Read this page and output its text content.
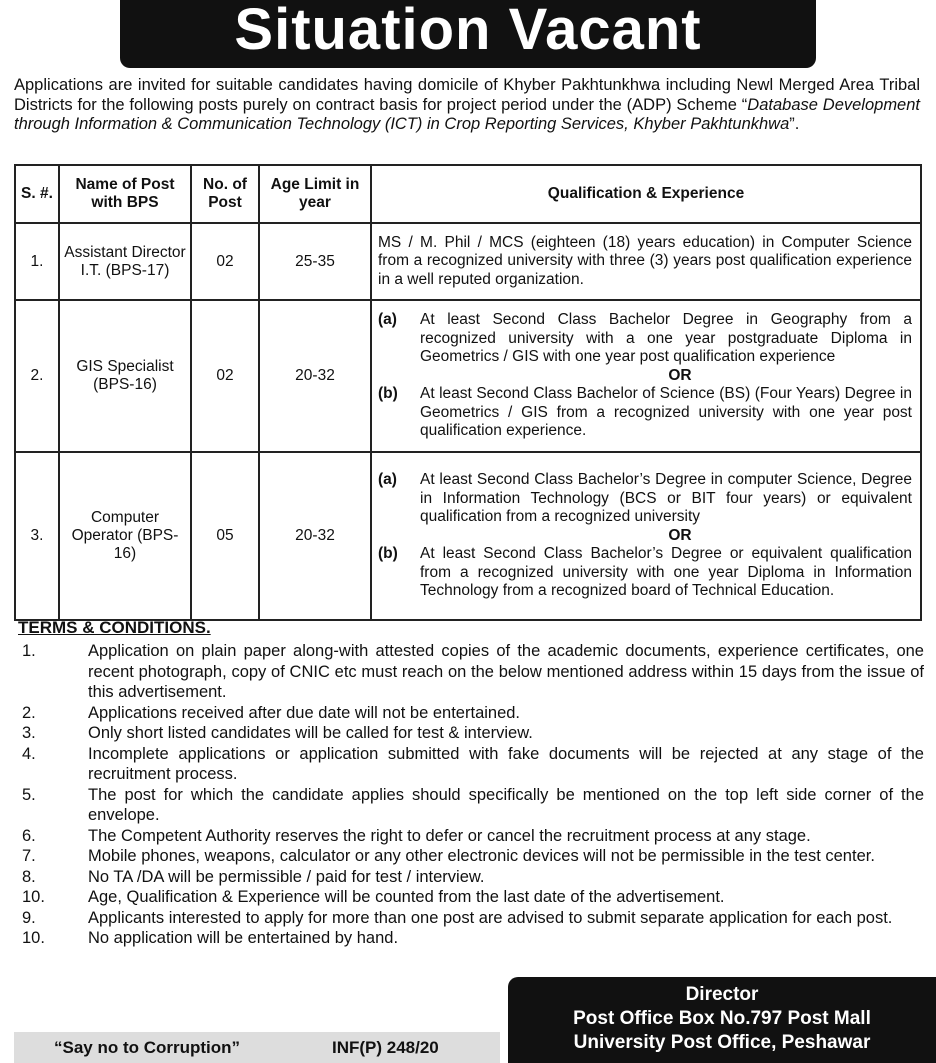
Situation Vacant
Applications are invited for suitable candidates having domicile of Khyber Pakhtunkhwa including Newl Merged Area Tribal Districts for the following posts purely on contract basis for project period under the (ADP) Scheme “Database Development through Information & Communication Technology (ICT) in Crop Reporting Services, Khyber Pakhtunkhwa”.
S. #.	Name of Post with BPS	No. of Post	Age Limit in year	Qualification & Experience
1.	Assistant Director I.T. (BPS-17)	02	25-35	MS / M. Phil / MCS (eighteen (18) years education) in Computer Science from a recognized university with three (3) years post qualification experience in a well reputed organization.
2.	GIS Specialist (BPS-16)	02	20-32	(a) At least Second Class Bachelor Degree in Geography from a recognized university with a one year postgraduate Diploma in Geometrics / GIS with one year post qualification experience
OR
(b) At least Second Class Bachelor of Science (BS) (Four Years) Degree in Geometrics / GIS from a recognized university with one year post qualification experience.

3.	Computer Operator (BPS-16)	05	20-32	(a) At least Second Class Bachelor’s Degree in computer Science, Degree in Information Technology (BCS or BIT four years) or equivalent qualification from a recognized university
OR
(b) At least Second Class Bachelor’s Degree or equivalent qualification from a recognized university with one year Diploma in Information Technology from a recognized board of Technical Education.
TERMS & CONDITIONS.
1.	Application on plain paper along-with attested copies of the academic documents, experience certificates, one recent photograph, copy of CNIC etc must reach on the below mentioned address within 15 days from the issue of this advertisement.
2.	Applications received after due date will not be entertained.
3.	Only short listed candidates will be called for test & interview.
4.	Incomplete applications or application submitted with fake documents will be rejected at any stage of the recruitment process.
5.	The post for which the candidate applies should specifically be mentioned on the top left side corner of the envelope.
6.	The Competent Authority reserves the right to defer or cancel the recruitment process at any stage.
7.	Mobile phones, weapons, calculator or any other electronic devices will not be permissible in the test center.
8.	No TA /DA will be permissible / paid for test / interview.
10.	Age, Qualification & Experience will be counted from the last date of the advertisement.
9.	Applicants interested to apply for more than one post are advised to submit separate application for each post.
10.	No application will be entertained by hand.
Director
Post Office Box No.797 Post Mall
University Post Office, Peshawar
“Say no to Corruption”	INF(P) 248/20
